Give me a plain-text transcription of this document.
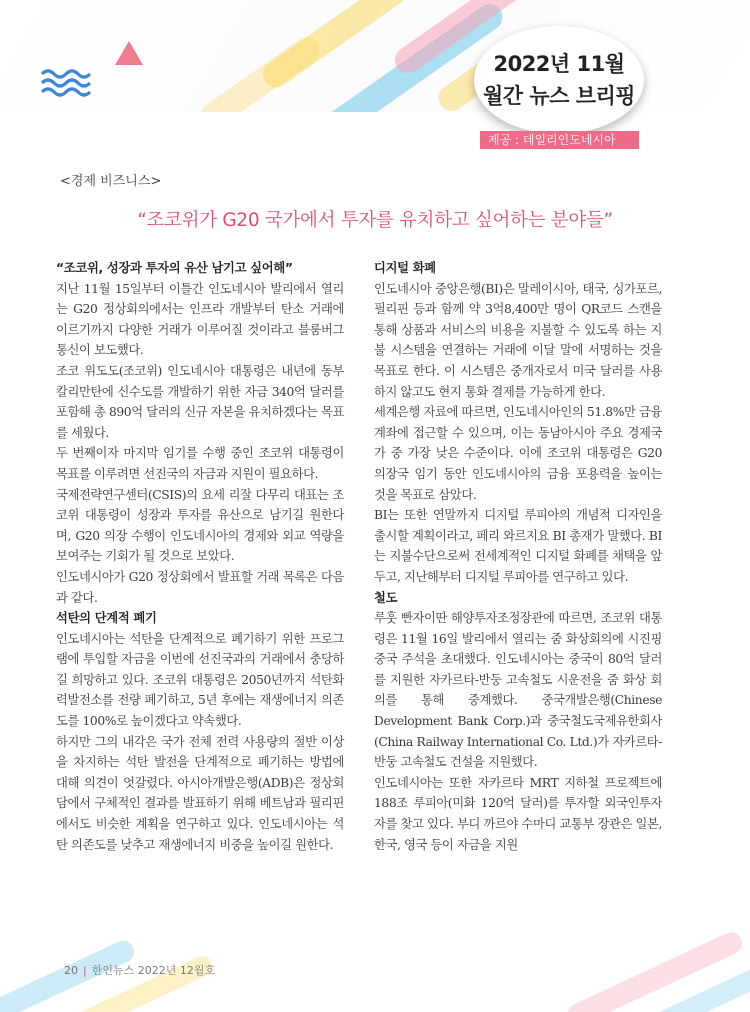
2022년 11월
월간 뉴스 브리핑
제공 : 데일리인도네시아
<경제 비즈니스>
“조코위가 G20 국가에서 투자를 유치하고 싶어하는 분야들”
“조코위, 성장과 투자의 유산 남기고 싶어해”

지난 11월 15일부터 이틀간 인도네시아 발리에서 열리는 G20 정상회의에서는 인프라 개발부터 탄소 거래에 이르기까지 다양한 거래가 이루어질 것이라고 블룸버그통신이 보도했다.

조코 위도도(조코위) 인도네시아 대통령은 내년에 동부 칼리만탄에 신수도를 개발하기 위한 자금 340억 달러를 포함해 총 890억 달러의 신규 자본을 유치하겠다는 목표를 세웠다.

두 번째이자 마지막 임기를 수행 중인 조코위 대통령이 목표를 이루려면 선진국의 자금과 지원이 필요하다.

국제전략연구센터(CSIS)의 요세 리잘 다무리 대표는 조코위 대통령이 성장과 투자를 유산으로 남기길 원한다며, G20 의장 수행이 인도네시아의 경제와 외교 역량을 보여주는 기회가 될 것으로 보았다.

인도네시아가 G20 정상회에서 발표할 거래 목록은 다음과 같다.

석탄의 단계적 폐기

인도네시아는 석탄을 단계적으로 폐기하기 위한 프로그램에 투입할 자금을 이번에 선진국과의 거래에서 충당하길 희망하고 있다. 조코위 대통령은 2050년까지 석탄화력발전소를 전량 폐기하고, 5년 후에는 재생에너지 의존도를 100%로 높이겠다고 약속했다.

하지만 그의 내각은 국가 전체 전력 사용량의 절반 이상을 차지하는 석탄 발전을 단계적으로 폐기하는 방법에 대해 의견이 엇갈렸다. 아시아개발은행(ADB)은 정상회담에서 구체적인 결과를 발표하기 위해 베트남과 필리핀에서도 비슷한 계획을 연구하고 있다. 인도네시아는 석탄 의존도를 낮추고 재생에너지 비중을 높이길 원한다.

디지털 화폐

인도네시아 중앙은행(BI)은 말레이시아, 태국, 싱가포르, 필리핀 등과 함께 약 3억8,400만 명이 QR코드 스캔을 통해 상품과 서비스의 비용을 지불할 수 있도록 하는 지불 시스템을 연결하는 거래에 이달 말에 서명하는 것을 목표로 한다. 이 시스템은 중개자로서 미국 달러를 사용하지 않고도 현지 통화 결제를 가능하게 한다.

세계은행 자료에 따르면, 인도네시아인의 51.8%만 금융 계좌에 접근할 수 있으며, 이는 동남아시아 주요 경제국가 중 가장 낮은 수준이다. 이에 조코위 대통령은 G20 의장국 임기 동안 인도네시아의 금융 포용력을 높이는 것을 목표로 삼았다.

BI는 또한 연말까지 디지털 루피아의 개념적 디자인을 출시할 계획이라고, 페리 와르지요 BI 총재가 말했다. BI는 지불수단으로써 전세계적인 디지털 화폐를 채택을 앞두고, 지난해부터 디지털 루피아를 연구하고 있다.

철도

루훗 빤자이딴 해양투자조정장관에 따르면, 조코위 대통령은 11월 16일 발리에서 열리는 줌 화상회의에 시진핑 중국 주석을 초대했다. 인도네시아는 중국이 80억 달러를 지원한 자카르타-반둥 고속철도 시운전을 줌 화상 회의를 통해 중계했다. 중국개발은행(Chinese Development Bank Corp.)과 중국철도국제유한회사(China Railway International Co. Ltd.)가 자카르타-반둥 고속철도 건설을 지원했다.

인도네시아는 또한 자카르타 MRT 지하철 프로젝트에 188조 루피아(미화 120억 달러)를 투자할 외국인투자자를 찾고 있다. 부디 까르야 수마디 교통부 장관은 일본, 한국, 영국 등이 자금을 지원

20 | 한인뉴스 2022년 12월호
